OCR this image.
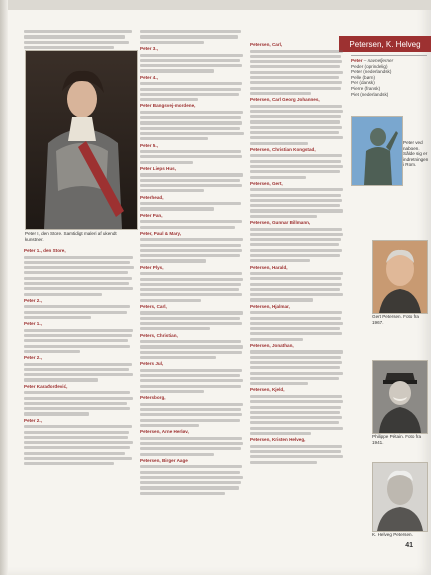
Petersen, K. Helveg
Peter I, den Store. Samtidigt maleri af ukendt kunstner.
Peter 1., den Store,
Peter 2.,
Peter 1.,
Peter 2.,
Peter Karađorđević,
Peter 2.,
Peter 3.,
Peter 4.,
Peter Bangsvej-mordene,
Peter 5.,
Peter Lieps Hus,
Peterhead,
Peter Pan,
Peter, Paul & Mary,
Peter Plys,
Peters, Carl,
Peters, Christian,
Peters Jul,
Petersborg,
Petersen, Arne Herløv,
Petersen, Birger Aage
Petersen, Carl,
Petersen, Carl Georg Johannes,
Petersen, Christian Kongstad,
Petersen, Gert,
Petersen, Gunnar Billmann,
Petersen, Harald,
Petersen, Hjalmar,
Petersen, Jonathan,
Petersen, Kjeld,
Petersen, Kristen Helveg,
Peter – navnefjerner
Peder (oprindelig)
Peter (nederlandsk)
Pelle (børn)
Per (dansk)
Pierre (fransk)
Piet (nederlandsk)
Peter ved naboen. Sålde sig er indretningen i Rom.
Gert Petersen. Foto fra 1967.
Philippe Pétain. Foto fra 1941.
K. Helveg Petersen.
41
